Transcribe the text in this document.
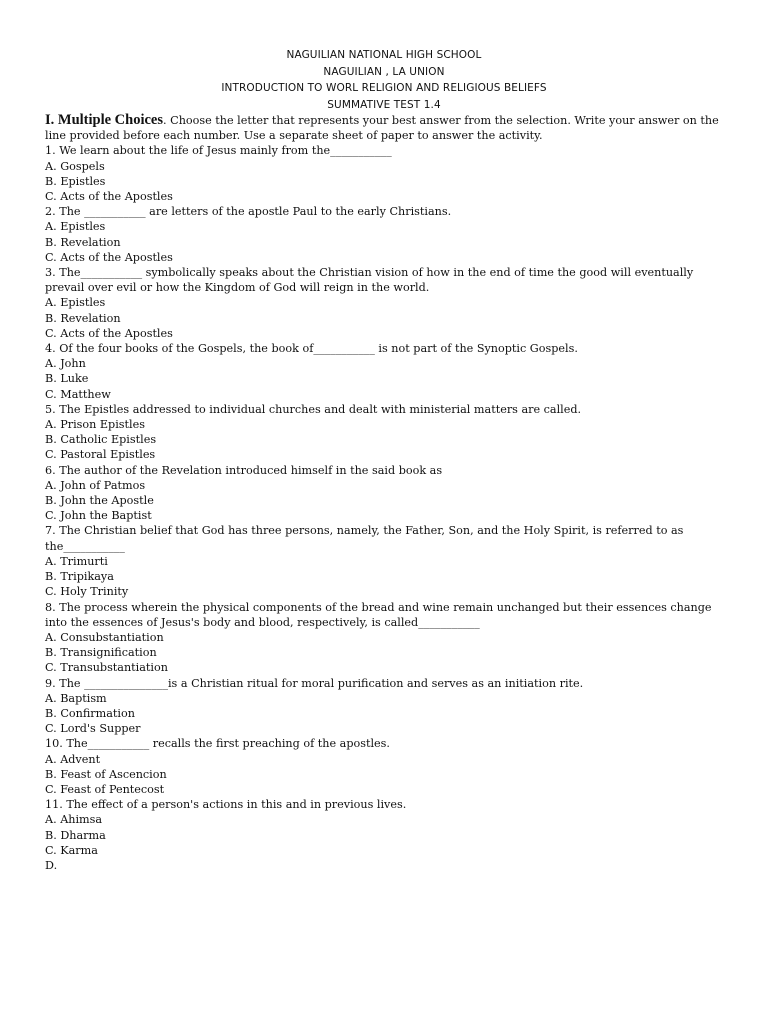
NAGUILIAN NATIONAL HIGH SCHOOL
NAGUILIAN , LA UNION
INTRODUCTION TO WORL RELIGION AND RELIGIOUS BELIEFS
SUMMATIVE TEST 1.4

I. Multiple Choices. Choose the letter that represents your best answer from the selection. Write your answer on the line provided before each number. Use a separate sheet of paper to answer the activity.

1. We learn about the life of Jesus mainly from the___________
A. Gospels
B. Epistles
C. Acts of the Apostles
2. The ___________ are letters of the apostle Paul to the early Christians.
A. Epistles
B. Revelation
C. Acts of the Apostles
3. The___________ symbolically speaks about the Christian vision of how in the end of time the good will eventually prevail over evil or how the Kingdom of God will reign in the world.
A. Epistles
B. Revelation
C. Acts of the Apostles
4. Of the four books of the Gospels, the book of___________ is not part of the Synoptic Gospels.
A. John
B. Luke
C. Matthew
5. The Epistles addressed to individual churches and dealt with ministerial matters are called.
A. Prison Epistles
B. Catholic Epistles
C. Pastoral Epistles
6. The author of the Revelation introduced himself in the said book as
A. John of Patmos
B. John the Apostle
C. John the Baptist
7. The Christian belief that God has three persons, namely, the Father, Son, and the Holy Spirit, is referred to as the___________
A. Trimurti
B. Tripikaya
C. Holy Trinity
8. The process wherein the physical components of the bread and wine remain unchanged but their essences change into the essences of Jesus's body and blood, respectively, is called___________
A. Consubstantiation
B. Transignification
C. Transubstantiation
9. The _______________is a Christian ritual for moral purification and serves as an initiation rite.
A. Baptism
B. Confirmation
C. Lord's Supper
10. The___________ recalls the first preaching of the apostles.
A. Advent
B. Feast of Ascencion
C. Feast of Pentecost
11. The effect of a person's actions in this and in previous lives.
A. Ahimsa
B. Dharma
C. Karma
D.
